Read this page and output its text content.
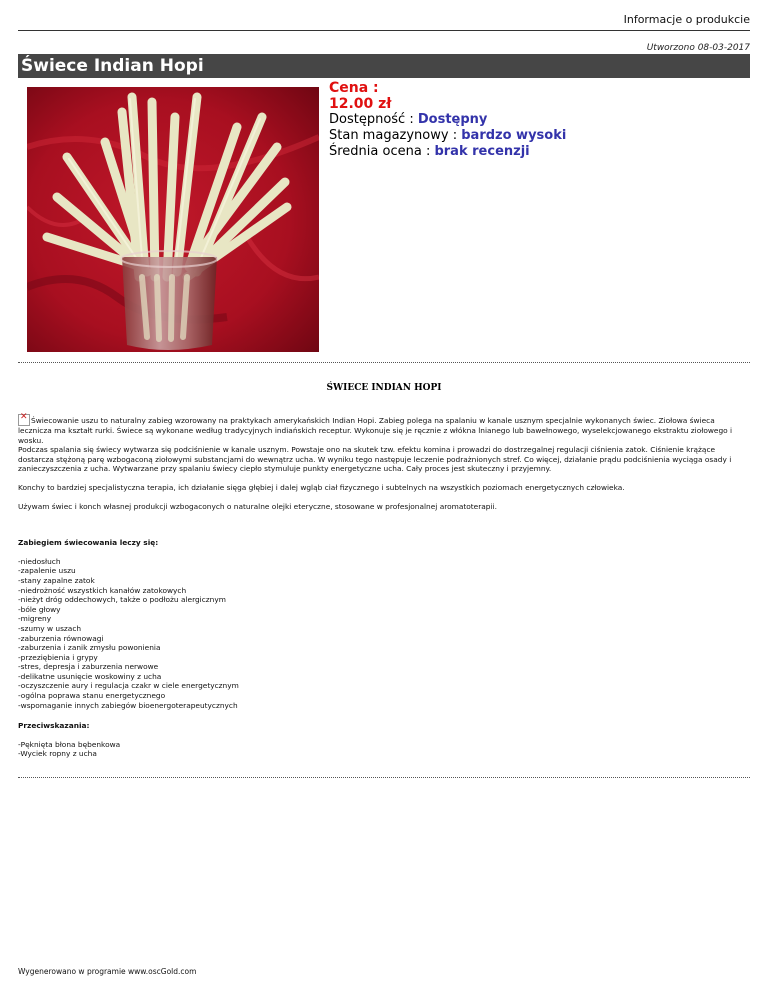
Informacje o produkcie
Utworzono 08-03-2017
Świece Indian Hopi
Cena :
12.00 zł
Dostępność : Dostępny
Stan magazynowy : bardzo wysoki
Średnia ocena : brak recenzji
ŚWIECE INDIAN HOPI

✕Świecowanie uszu to naturalny zabieg wzorowany na praktykach amerykańskich Indian Hopi. Zabieg polega na spalaniu w kanale usznym specjalnie wykonanych świec. Ziołowa świeca lecznicza ma kształt rurki. Świece są wykonane według tradycyjnych indiańskich receptur. Wykonuje się je ręcznie z włókna lnianego lub bawełnowego, wyselekcjowanego ekstraktu ziołowego i wosku.
Podczas spalania się świecy wytwarza się podciśnienie w kanale usznym. Powstaje ono na skutek tzw. efektu komina i prowadzi do dostrzegalnej regulacji ciśnienia zatok. Ciśnienie krążące dostarcza stężoną parę wzbogaconą ziołowymi substancjami do wewnątrz ucha. W wyniku tego następuje leczenie podrażnionych stref. Co więcej, działanie prądu podciśnienia wyciąga osady i zanieczyszczenia z ucha. Wytwarzane przy spalaniu świecy ciepło stymuluje punkty energetyczne ucha. Cały proces jest skuteczny i przyjemny.

Konchy to bardziej specjalistyczna terapia, ich działanie sięga głębiej i dalej wgląb ciał fizycznego i subtelnych na wszystkich poziomach energetycznych człowieka.

Używam świec i konch własnej produkcji wzbogaconych o naturalne olejki eteryczne, stosowane w profesjonalnej aromatoterapii.

Zabiegiem świecowania leczy się:

-niedosłuch
-zapalenie uszu
-stany zapalne zatok
-niedrożność wszystkich kanałów zatokowych
-nieżyt dróg oddechowych, także o podłożu alergicznym
-bóle głowy
-migreny
-szumy w uszach
-zaburzenia równowagi
-zaburzenia i zanik zmysłu powonienia
-przeziębienia i grypy
-stres, depresja i zaburzenia nerwowe
-delikatne usunięcie woskowiny z ucha
-oczyszczenie aury i regulacja czakr w ciele energetycznym
-ogólna poprawa stanu energetycznego
-wspomaganie innych zabiegów bioenergoterapeutycznych

Przeciwskazania:

-Pęknięta błona bębenkowa
-Wyciek ropny z ucha
Wygenerowano w programie www.oscGold.com
